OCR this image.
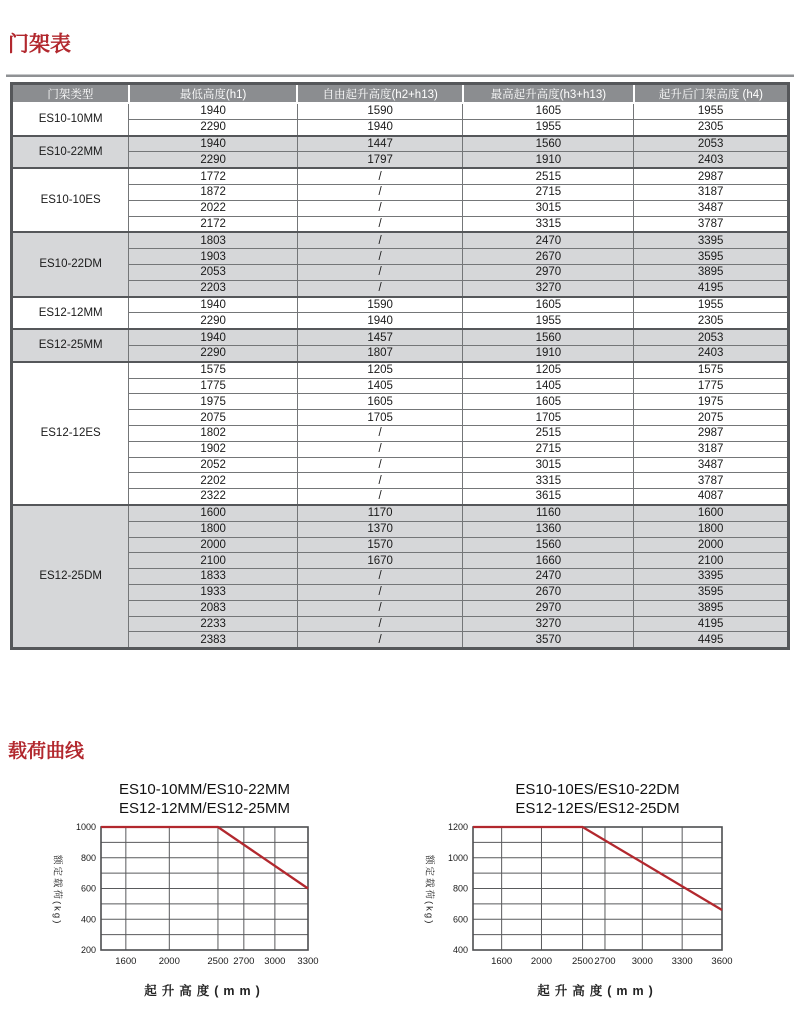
门架表
门架类型	最低高度(h1)	自由起升高度(h2+h13)	最高起升高度(h3+h13)	起升后门架高度 (h4)
ES10-10MM	1940	1590	1605	1955
	2290	1940	1955	2305
ES10-22MM	1940	1447	1560	2053
	2290	1797	1910	2403
ES10-10ES	1772	/	2515	2987
	1872	/	2715	3187
	2022	/	3015	3487
	2172	/	3315	3787
ES10-22DM	1803	/	2470	3395
	1903	/	2670	3595
	2053	/	2970	3895
	2203	/	3270	4195
ES12-12MM	1940	1590	1605	1955
	2290	1940	1955	2305
ES12-25MM	1940	1457	1560	2053
	2290	1807	1910	2403
ES12-12ES	1575	1205	1205	1575
	1775	1405	1405	1775
	1975	1605	1605	1975
	2075	1705	1705	2075
	1802	/	2515	2987
	1902	/	2715	3187
	2052	/	3015	3487
	2202	/	3315	3787
	2322	/	3615	4087
ES12-25DM	1600	1170	1160	1600
	1800	1370	1360	1800
	2000	1570	1560	2000
	2100	1670	1660	2100
	1833	/	2470	3395
	1933	/	2670	3595
	2083	/	2970	3895
	2233	/	3270	4195
	2383	/	3570	4495
载荷曲线
ES10-10MM/ES10-22MM
ES12-12MM/ES12-25MM
额定载荷(kg)
1000
800
600
400
200
1600 2000	2500 2700 3000 3300
起升高度(mm)
ES10-10ES/ES10-22DM
ES12-12ES/ES12-25DM
额定载荷(kg)
1200
1000
800
600
400
1600 2000 2500 2700 3000 3300 3600
起升高度(mm)
